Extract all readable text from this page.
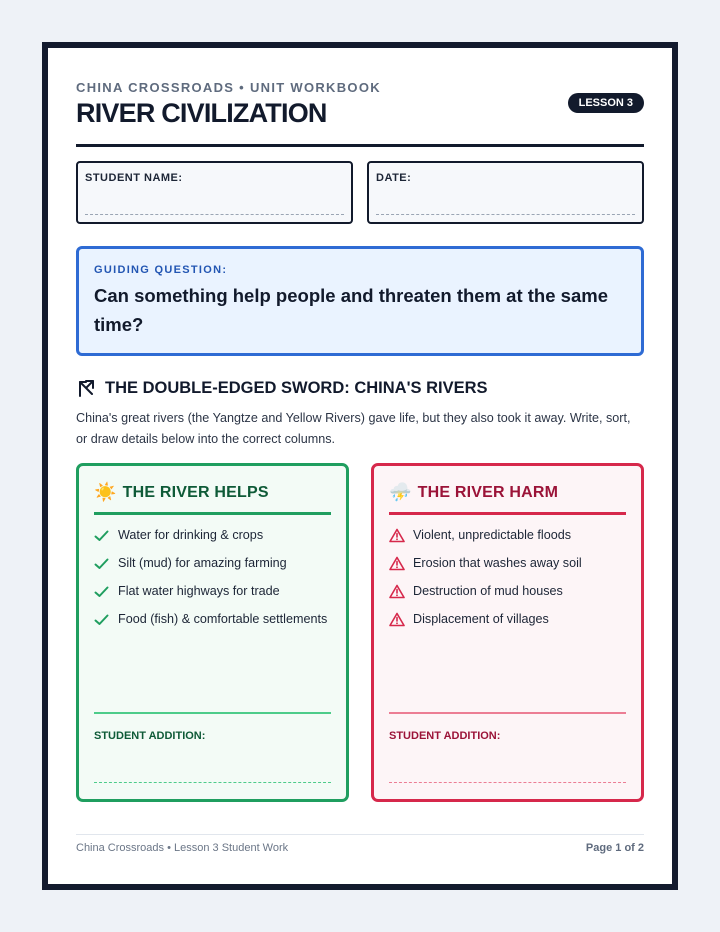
CHINA CROSSROADS • UNIT WORKBOOK
RIVER CIVILIZATION	LESSON 3
STUDENT NAME:	DATE:
GUIDING QUESTION:
Can something help people and threaten them at the same time?
THE DOUBLE-EDGED SWORD: CHINA'S RIVERS
China's great rivers (the Yangtze and Yellow Rivers) gave life, but they also took it away. Write, sort, or draw details below into the correct columns.
☀️ THE RIVER HELPS
Water for drinking & crops
Silt (mud) for amazing farming
Flat water highways for trade
Food (fish) & comfortable settlements
STUDENT ADDITION:
⛈️ THE RIVER HARM
Violent, unpredictable floods
Erosion that washes away soil
Destruction of mud houses
Displacement of villages
STUDENT ADDITION:
China Crossroads • Lesson 3 Student Work	Page 1 of 2
